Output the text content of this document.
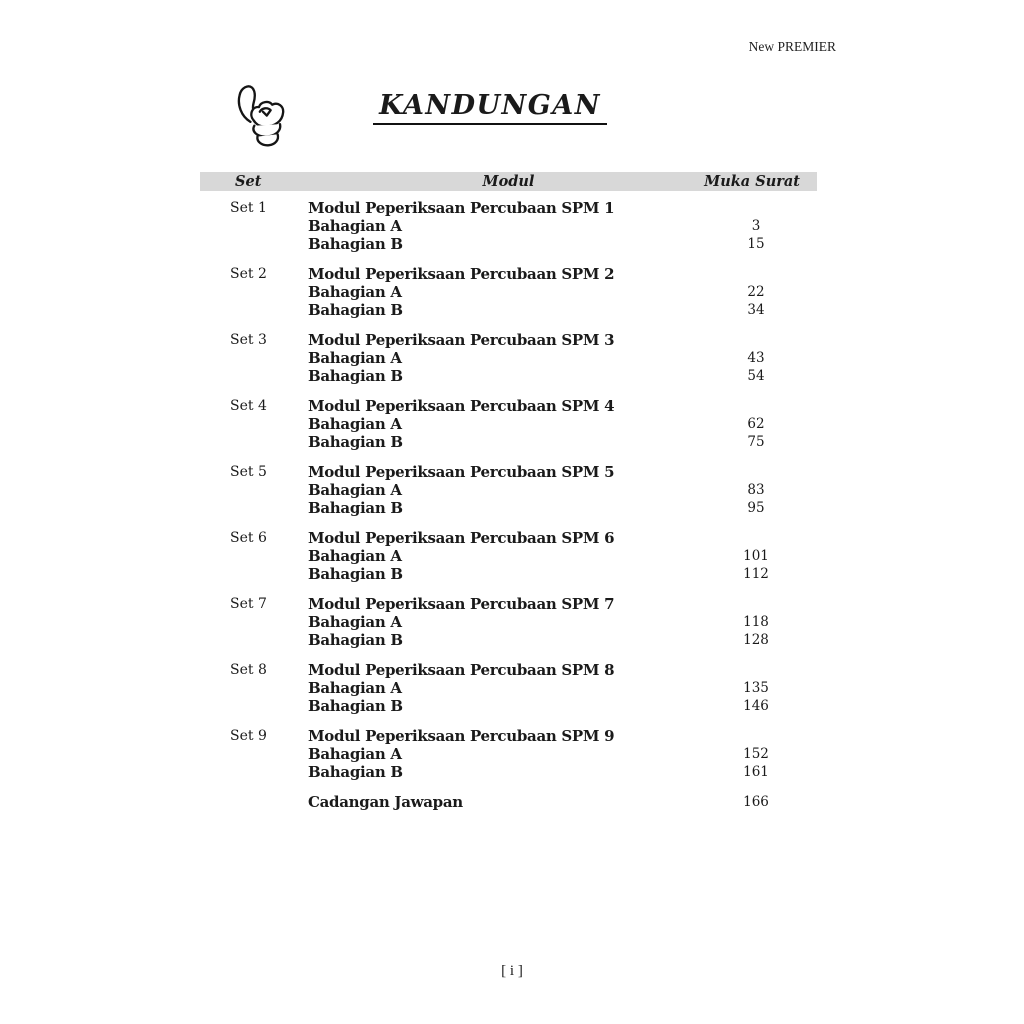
New PREMIER
KANDUNGAN
Set	Modul	Muka Surat
Set 1	Modul Peperiksaan Percubaan SPM 1
Bahagian A	3
Bahagian B	15
Set 2	Modul Peperiksaan Percubaan SPM 2
Bahagian A	22
Bahagian B	34
Set 3	Modul Peperiksaan Percubaan SPM 3
Bahagian A	43
Bahagian B	54
Set 4	Modul Peperiksaan Percubaan SPM 4
Bahagian A	62
Bahagian B	75
Set 5	Modul Peperiksaan Percubaan SPM 5
Bahagian A	83
Bahagian B	95
Set 6	Modul Peperiksaan Percubaan SPM 6
Bahagian A	101
Bahagian B	112
Set 7	Modul Peperiksaan Percubaan SPM 7
Bahagian A	118
Bahagian B	128
Set 8	Modul Peperiksaan Percubaan SPM 8
Bahagian A	135
Bahagian B	146
Set 9	Modul Peperiksaan Percubaan SPM 9
Bahagian A	152
Bahagian B	161
Cadangan Jawapan	166
[ i ]
